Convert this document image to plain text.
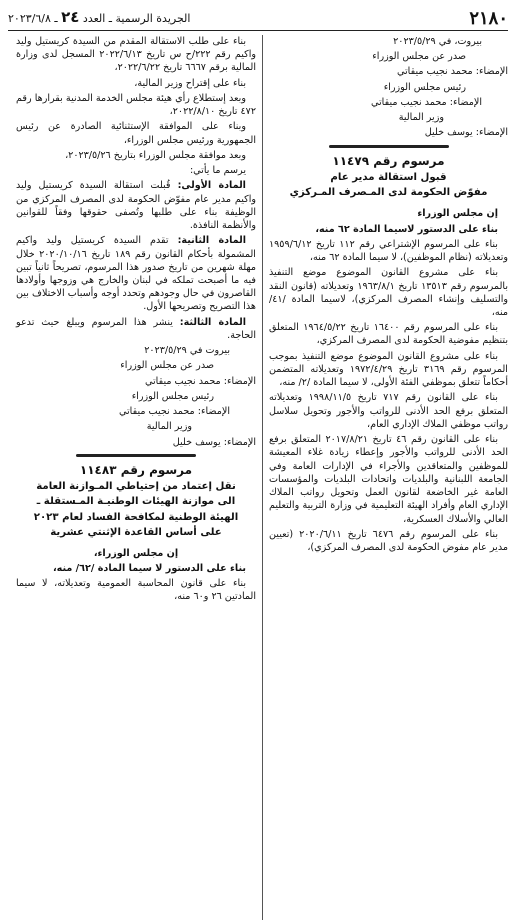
الجريدة الرسمية ـ العدد ٢٤ ـ ٢٠٢٣/٦/٨	٢١٨٠

بيروت، في ٢٠٢٣/٥/٢٩

صدر عن مجلس الوزراء

الإمضاء: محمد نجيب ميقاتي

رئيس مجلس الوزراء

الإمضاء: محمد نجيب ميقاتي

وزير المالية

الإمضاء: يوسف خليل

مرسوم رقم ١١٤٧٩

قبول استقالة مدير عام

مفوّض الحكومة لدى المـصرف المـركزي

إن مجلس الوزراء

بناء على الدستور لاسيما المادة ٦٢ منه،

بناء على المرسوم الإشتراعي رقم ١١٢ تاريخ ١٩٥٩/٦/١٢ وتعديلاته (نظام الموظفين)، لا سيما المادة ٦٢ منه،

بناء على مشروع القانون الموضوع موضع التنفيذ بالمرسوم رقم ١٣٥١٣ تاريخ ١٩٦٣/٨/١ وتعديلاته (قانون النقد والتسليف وإنشاء المصرف المركزي)، لاسيما المادة /٤١/ منه،

بناء على المرسوم رقم ١٦٤٠٠ تاريخ ١٩٦٤/٥/٢٢ المتعلق بتنظيم مفوضية الحكومة لدى المصرف المركزي،

بناء على مشروع القانون الموضوع موضع التنفيذ بموجب المرسوم رقم ٣١٦٩ تاريخ ١٩٧٢/٤/٢٩ وتعديلاته المتضمن أحكاماً تتعلق بموظفي الفئة الأولى، لا سيما المادة /٢/ منه،

بناء على القانون رقم ٧١٧ تاريخ ١٩٩٨/١١/٥ وتعديلاته المتعلق برفع الحد الأدنى للرواتب والأجور وتحويل سلاسل رواتب موظفي الملاك الإداري العام،

بناء على القانون رقم ٤٦ تاريخ ٢٠١٧/٨/٢١ المتعلق برفع الحد الأدنى للرواتب والأجور وإعطاء زيادة غلاء المعيشة للموظفين والمتعاقدين والأجراء في الإدارات العامة وفي الجامعة اللبنانية والبلديات واتحادات البلديات والمؤسسات العامة غير الخاضعة لقانون العمل وتحويل رواتب الملاك الإداري العام وأفراد الهيئة التعليمية في وزارة التربية والتعليم العالي والأسلاك العسكرية،

بناء على المرسوم رقم ٦٤٧٦ تاريخ ٢٠٢٠/٦/١١ (تعيين مدير عام مفوض الحكومة لدى المصرف المركزي)،

بناء على طلب الاستقالة المقدم من السيدة كريستيل وليد واكيم رقم ٢٢٢/ح س تاريخ ٢٠٢٢/٦/١٣ المسجل لدى وزارة المالية برقم ٦٦٦٧ تاريخ ٢٠٢٢/٦/٢٢،

بناء على إقتراح وزير المالية،

وبعد إستطلاع رأي هيئة مجلس الخدمة المدنية بقرارها رقم ٤٧٢ تاريخ ٢٠٢٢/٨/١٠،

وبناء على الموافقة الإستثنائية الصادرة عن رئيس الجمهورية ورئيس مجلس الوزراء،

وبعد موافقة مجلس الوزراء بتاريخ ٢٠٢٣/٥/٢٦،

يرسم ما يأتي:

المادة الأولى: قُبلت استقالة السيدة كريستيل وليد واكيم مدير عام مفوّض الحكومة لدى المصرف المركزي من الوظيفة بناء على طلبها وتُصفى حقوقها وفقاً للقوانين والأنظمة النافذة.

المادة الثانية: تقدم السيدة كريستيل وليد واكيم المشمولة بأحكام القانون رقم ١٨٩ تاريخ ٢٠٢٠/١٠/١٦ خلال مهلة شهرين من تاريخ صدور هذا المرسوم، تصريحاً ثانياً تبين فيه ما أصبحت تملكه في لبنان والخارج هي وزوجها وأولادها القاصرون في حال وجودهم وتحدد أوجه وأسباب الاختلاف بين هذا التصريح وتصريحها الأول.

المادة الثالثة: ينشر هذا المرسوم ويبلغ حيث تدعو الحاجة.

بيروت في ٢٠٢٣/٥/٢٩

صدر عن مجلس الوزراء

الإمضاء: محمد نجيب ميقاتي

رئيس مجلس الوزراء

الإمضاء: محمد نجيب ميقاتي

وزير المالية

الإمضاء: يوسف خليل

مرسوم رقم ١١٤٨٣

نقل إعتماد من إحتياطي المـوازنة العامة

الى موازنة الهيئات الوطنيـة المـستقلة ـ

الهيئة الوطنية لمكافحة الفساد لعام ٢٠٢٣

على أساس القاعدة الإثنتي عشرية

إن مجلس الوزراء،

بناء على الدستور لا سيما المادة /٦٢/ منه،

بناء على قانون المحاسبة العمومية وتعديلاته، لا سيما المادتين ٢٦ و٦٠ منه،
